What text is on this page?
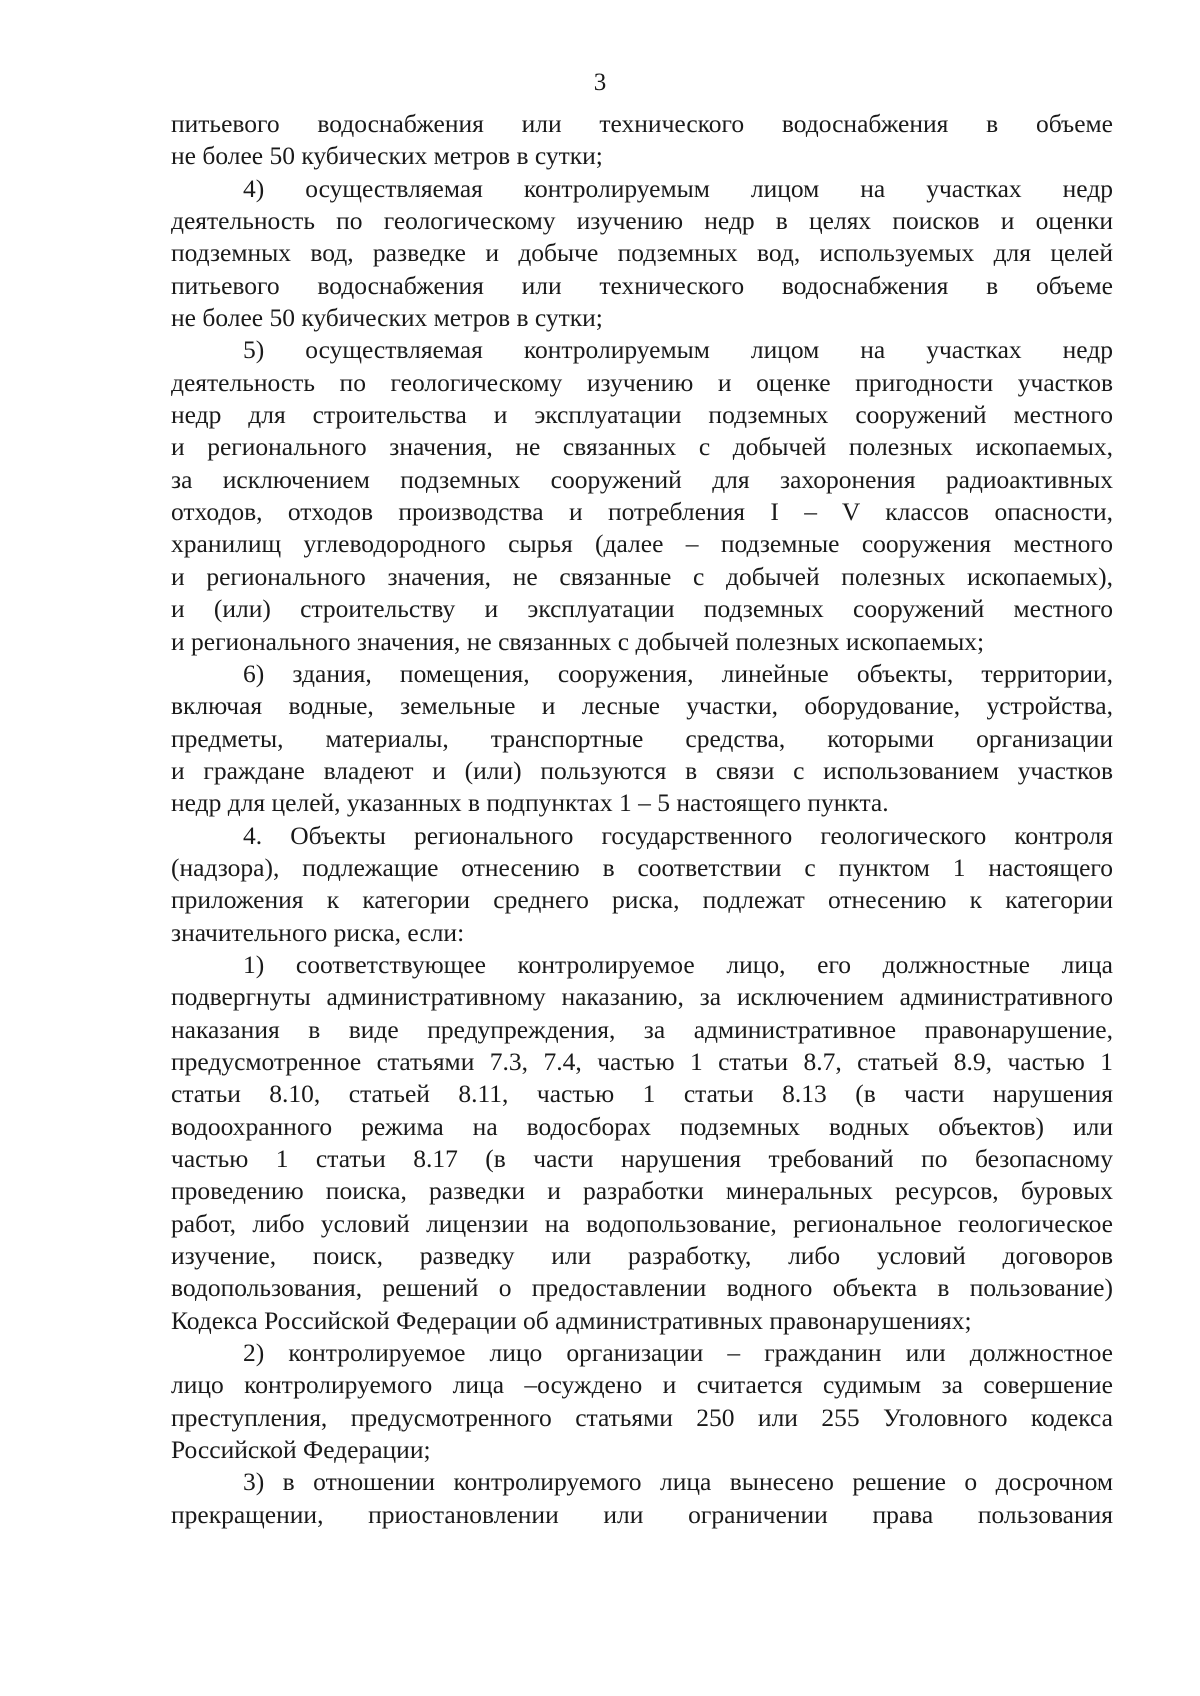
3
питьевого водоснабжения или технического водоснабжения в объеме
не более 50 кубических метров в сутки;
4) осуществляемая контролируемым лицом на участках недр
деятельность по геологическому изучению недр в целях поисков и оценки
подземных вод, разведке и добыче подземных вод, используемых для целей
питьевого водоснабжения или технического водоснабжения в объеме
не более 50 кубических метров в сутки;
5) осуществляемая контролируемым лицом на участках недр
деятельность по геологическому изучению и оценке пригодности участков
недр для строительства и эксплуатации подземных сооружений местного
и регионального значения, не связанных с добычей полезных ископаемых,
за исключением подземных сооружений для захоронения радиоактивных
отходов, отходов производства и потребления I – V классов опасности,
хранилищ углеводородного сырья (далее – подземные сооружения местного
и регионального значения, не связанные с добычей полезных ископаемых),
и (или) строительству и эксплуатации подземных сооружений местного
и регионального значения, не связанных с добычей полезных ископаемых;
6) здания, помещения, сооружения, линейные объекты, территории,
включая водные, земельные и лесные участки, оборудование, устройства,
предметы, материалы, транспортные средства, которыми организации
и граждане владеют и (или) пользуются в связи с использованием участков
недр для целей, указанных в подпунктах 1 – 5 настоящего пункта.
4. Объекты регионального государственного геологического контроля
(надзора), подлежащие отнесению в соответствии с пунктом 1 настоящего
приложения к категории среднего риска, подлежат отнесению к категории
значительного риска, если:
1) соответствующее контролируемое лицо, его должностные лица
подвергнуты административному наказанию, за исключением административного
наказания в виде предупреждения, за административное правонарушение,
предусмотренное статьями 7.3, 7.4, частью 1 статьи 8.7, статьей 8.9, частью 1
статьи 8.10, статьей 8.11, частью 1 статьи 8.13 (в части нарушения
водоохранного режима на водосборах подземных водных объектов) или
частью 1 статьи 8.17 (в части нарушения требований по безопасному
проведению поиска, разведки и разработки минеральных ресурсов, буровых
работ, либо условий лицензии на водопользование, региональное геологическое
изучение, поиск, разведку или разработку, либо условий договоров
водопользования, решений о предоставлении водного объекта в пользование)
Кодекса Российской Федерации об административных правонарушениях;
2) контролируемое лицо организации – гражданин или должностное
лицо контролируемого лица –осуждено и считается судимым за совершение
преступления, предусмотренного статьями 250 или 255 Уголовного кодекса
Российской Федерации;
3) в отношении контролируемого лица вынесено решение о досрочном
прекращении, приостановлении или ограничении права пользования
